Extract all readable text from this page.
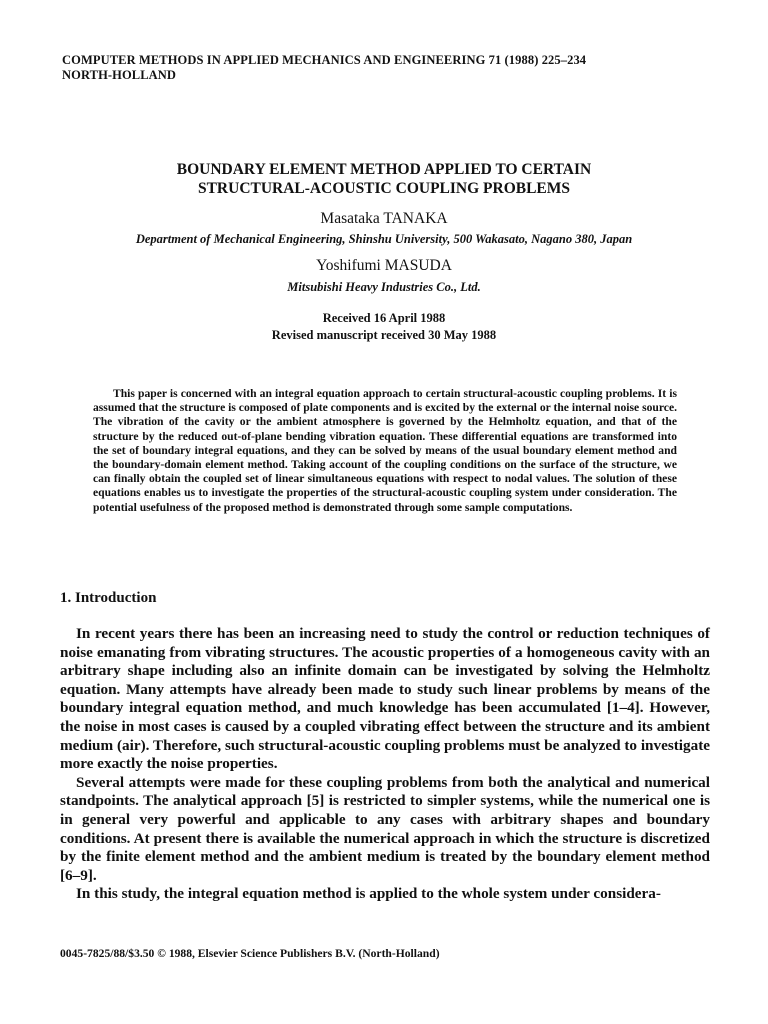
COMPUTER METHODS IN APPLIED MECHANICS AND ENGINEERING 71 (1988) 225–234
NORTH-HOLLAND
BOUNDARY ELEMENT METHOD APPLIED TO CERTAIN
STRUCTURAL-ACOUSTIC COUPLING PROBLEMS
Masataka TANAKA
Department of Mechanical Engineering, Shinshu University, 500 Wakasato, Nagano 380, Japan
Yoshifumi MASUDA
Mitsubishi Heavy Industries Co., Ltd.
Received 16 April 1988
Revised manuscript received 30 May 1988

This paper is concerned with an integral equation approach to certain structural-acoustic coupling problems. It is assumed that the structure is composed of plate components and is excited by the external or the internal noise source. The vibration of the cavity or the ambient atmosphere is governed by the Helmholtz equation, and that of the structure by the reduced out-of-plane bending vibration equation. These differential equations are transformed into the set of boundary integral equations, and they can be solved by means of the usual boundary element method and the boundary-domain element method. Taking account of the coupling conditions on the surface of the structure, we can finally obtain the coupled set of linear simultaneous equations with respect to nodal values. The solution of these equations enables us to investigate the properties of the structural-acoustic coupling system under consideration. The potential usefulness of the proposed method is demonstrated through some sample computations.

1. Introduction

In recent years there has been an increasing need to study the control or reduction techniques of noise emanating from vibrating structures. The acoustic properties of a homogeneous cavity with an arbitrary shape including also an infinite domain can be investigated by solving the Helmholtz equation. Many attempts have already been made to study such linear problems by means of the boundary integral equation method, and much knowledge has been accumulated [1–4]. However, the noise in most cases is caused by a coupled vibrating effect between the structure and its ambient medium (air). Therefore, such structural-acoustic coupling problems must be analyzed to investigate more exactly the noise properties.

Several attempts were made for these coupling problems from both the analytical and numerical standpoints. The analytical approach [5] is restricted to simpler systems, while the numerical one is in general very powerful and applicable to any cases with arbitrary shapes and boundary conditions. At present there is available the numerical approach in which the structure is discretized by the finite element method and the ambient medium is treated by the boundary element method [6–9].

In this study, the integral equation method is applied to the whole system under considera-

0045-7825/88/$3.50 © 1988, Elsevier Science Publishers B.V. (North-Holland)
